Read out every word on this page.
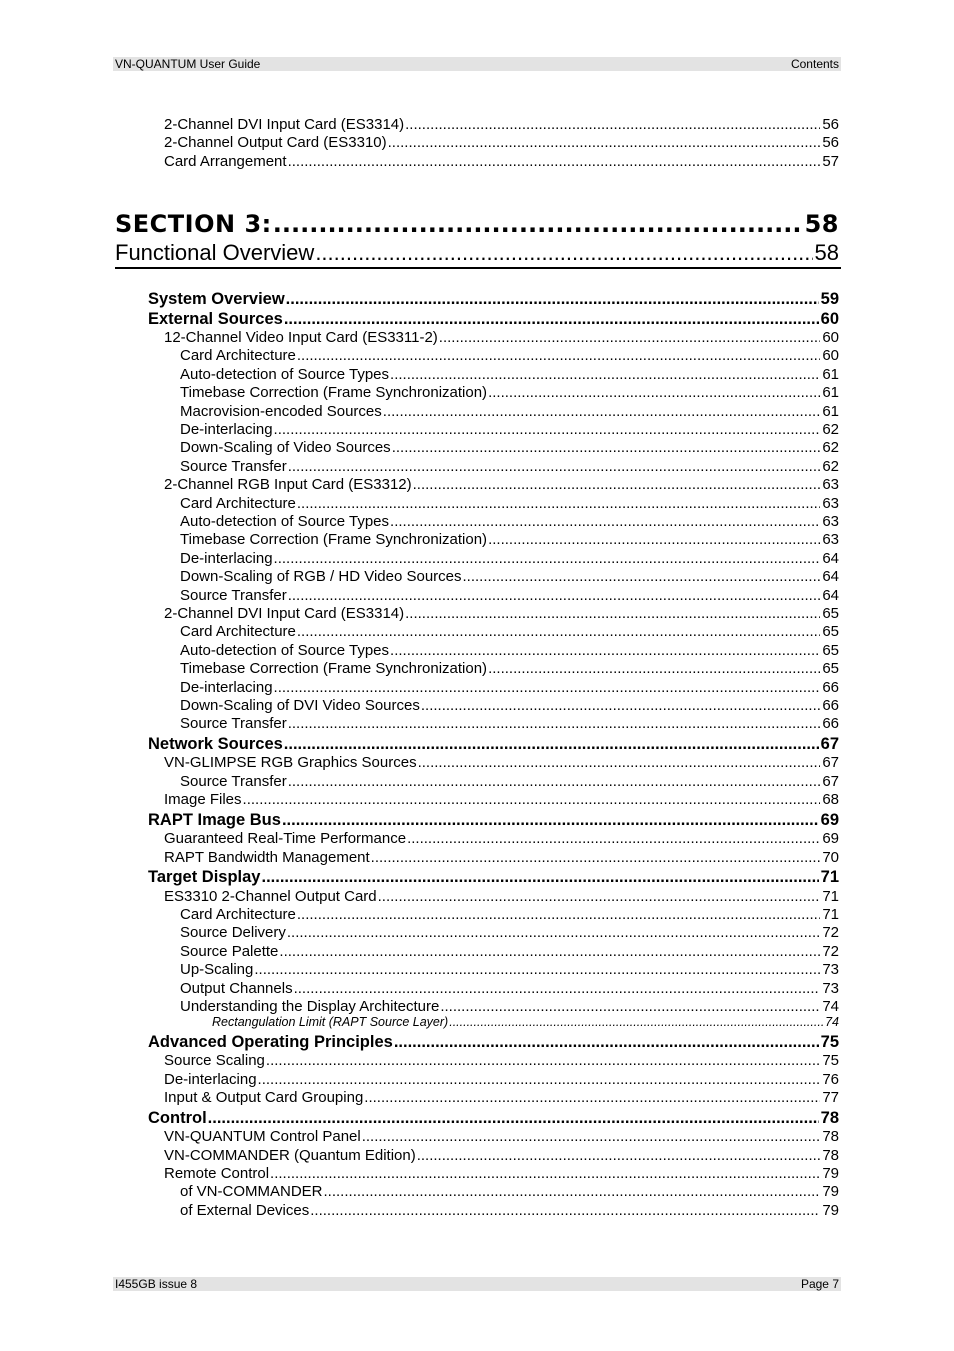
VN-QUANTUM User Guide	Contents
2-Channel DVI Input Card (ES3314) .....	56
2-Channel Output Card (ES3310) .....	56
Card Arrangement .....	57
SECTION 3: .....	58
Functional Overview .....	58
System Overview .....	59
External Sources .....	60
12-Channel Video Input Card (ES3311-2) .....	60
Card Architecture .....	60
Auto-detection of Source Types .....	61
Timebase Correction (Frame Synchronization) .....	61
Macrovision-encoded Sources .....	61
De-interlacing .....	62
Down-Scaling of Video Sources .....	62
Source Transfer .....	62
2-Channel RGB Input Card (ES3312) .....	63
Card Architecture .....	63
Auto-detection of Source Types .....	63
Timebase Correction (Frame Synchronization) .....	63
De-interlacing .....	64
Down-Scaling of RGB / HD Video Sources .....	64
Source Transfer .....	64
2-Channel DVI Input Card (ES3314) .....	65
Card Architecture .....	65
Auto-detection of Source Types .....	65
Timebase Correction (Frame Synchronization) .....	65
De-interlacing .....	66
Down-Scaling of DVI Video Sources .....	66
Source Transfer .....	66
Network Sources .....	67
VN-GLIMPSE RGB Graphics Sources .....	67
Source Transfer .....	67
Image Files .....	68
RAPT Image Bus .....	69
Guaranteed Real-Time Performance .....	69
RAPT Bandwidth Management .....	70
Target Display .....	71
ES3310 2-Channel Output Card .....	71
Card Architecture .....	71
Source Delivery .....	72
Source Palette .....	72
Up-Scaling .....	73
Output Channels .....	73
Understanding the Display Architecture .....	74
Rectangulation Limit (RAPT Source Layer) .....	74
Advanced Operating Principles .....	75
Source Scaling .....	75
De-interlacing .....	76
Input & Output Card Grouping .....	77
Control .....	78
VN-QUANTUM Control Panel .....	78
VN-COMMANDER (Quantum Edition) .....	78
Remote Control .....	79
of VN-COMMANDER .....	79
of External Devices .....	79
I455GB issue 8	Page 7
